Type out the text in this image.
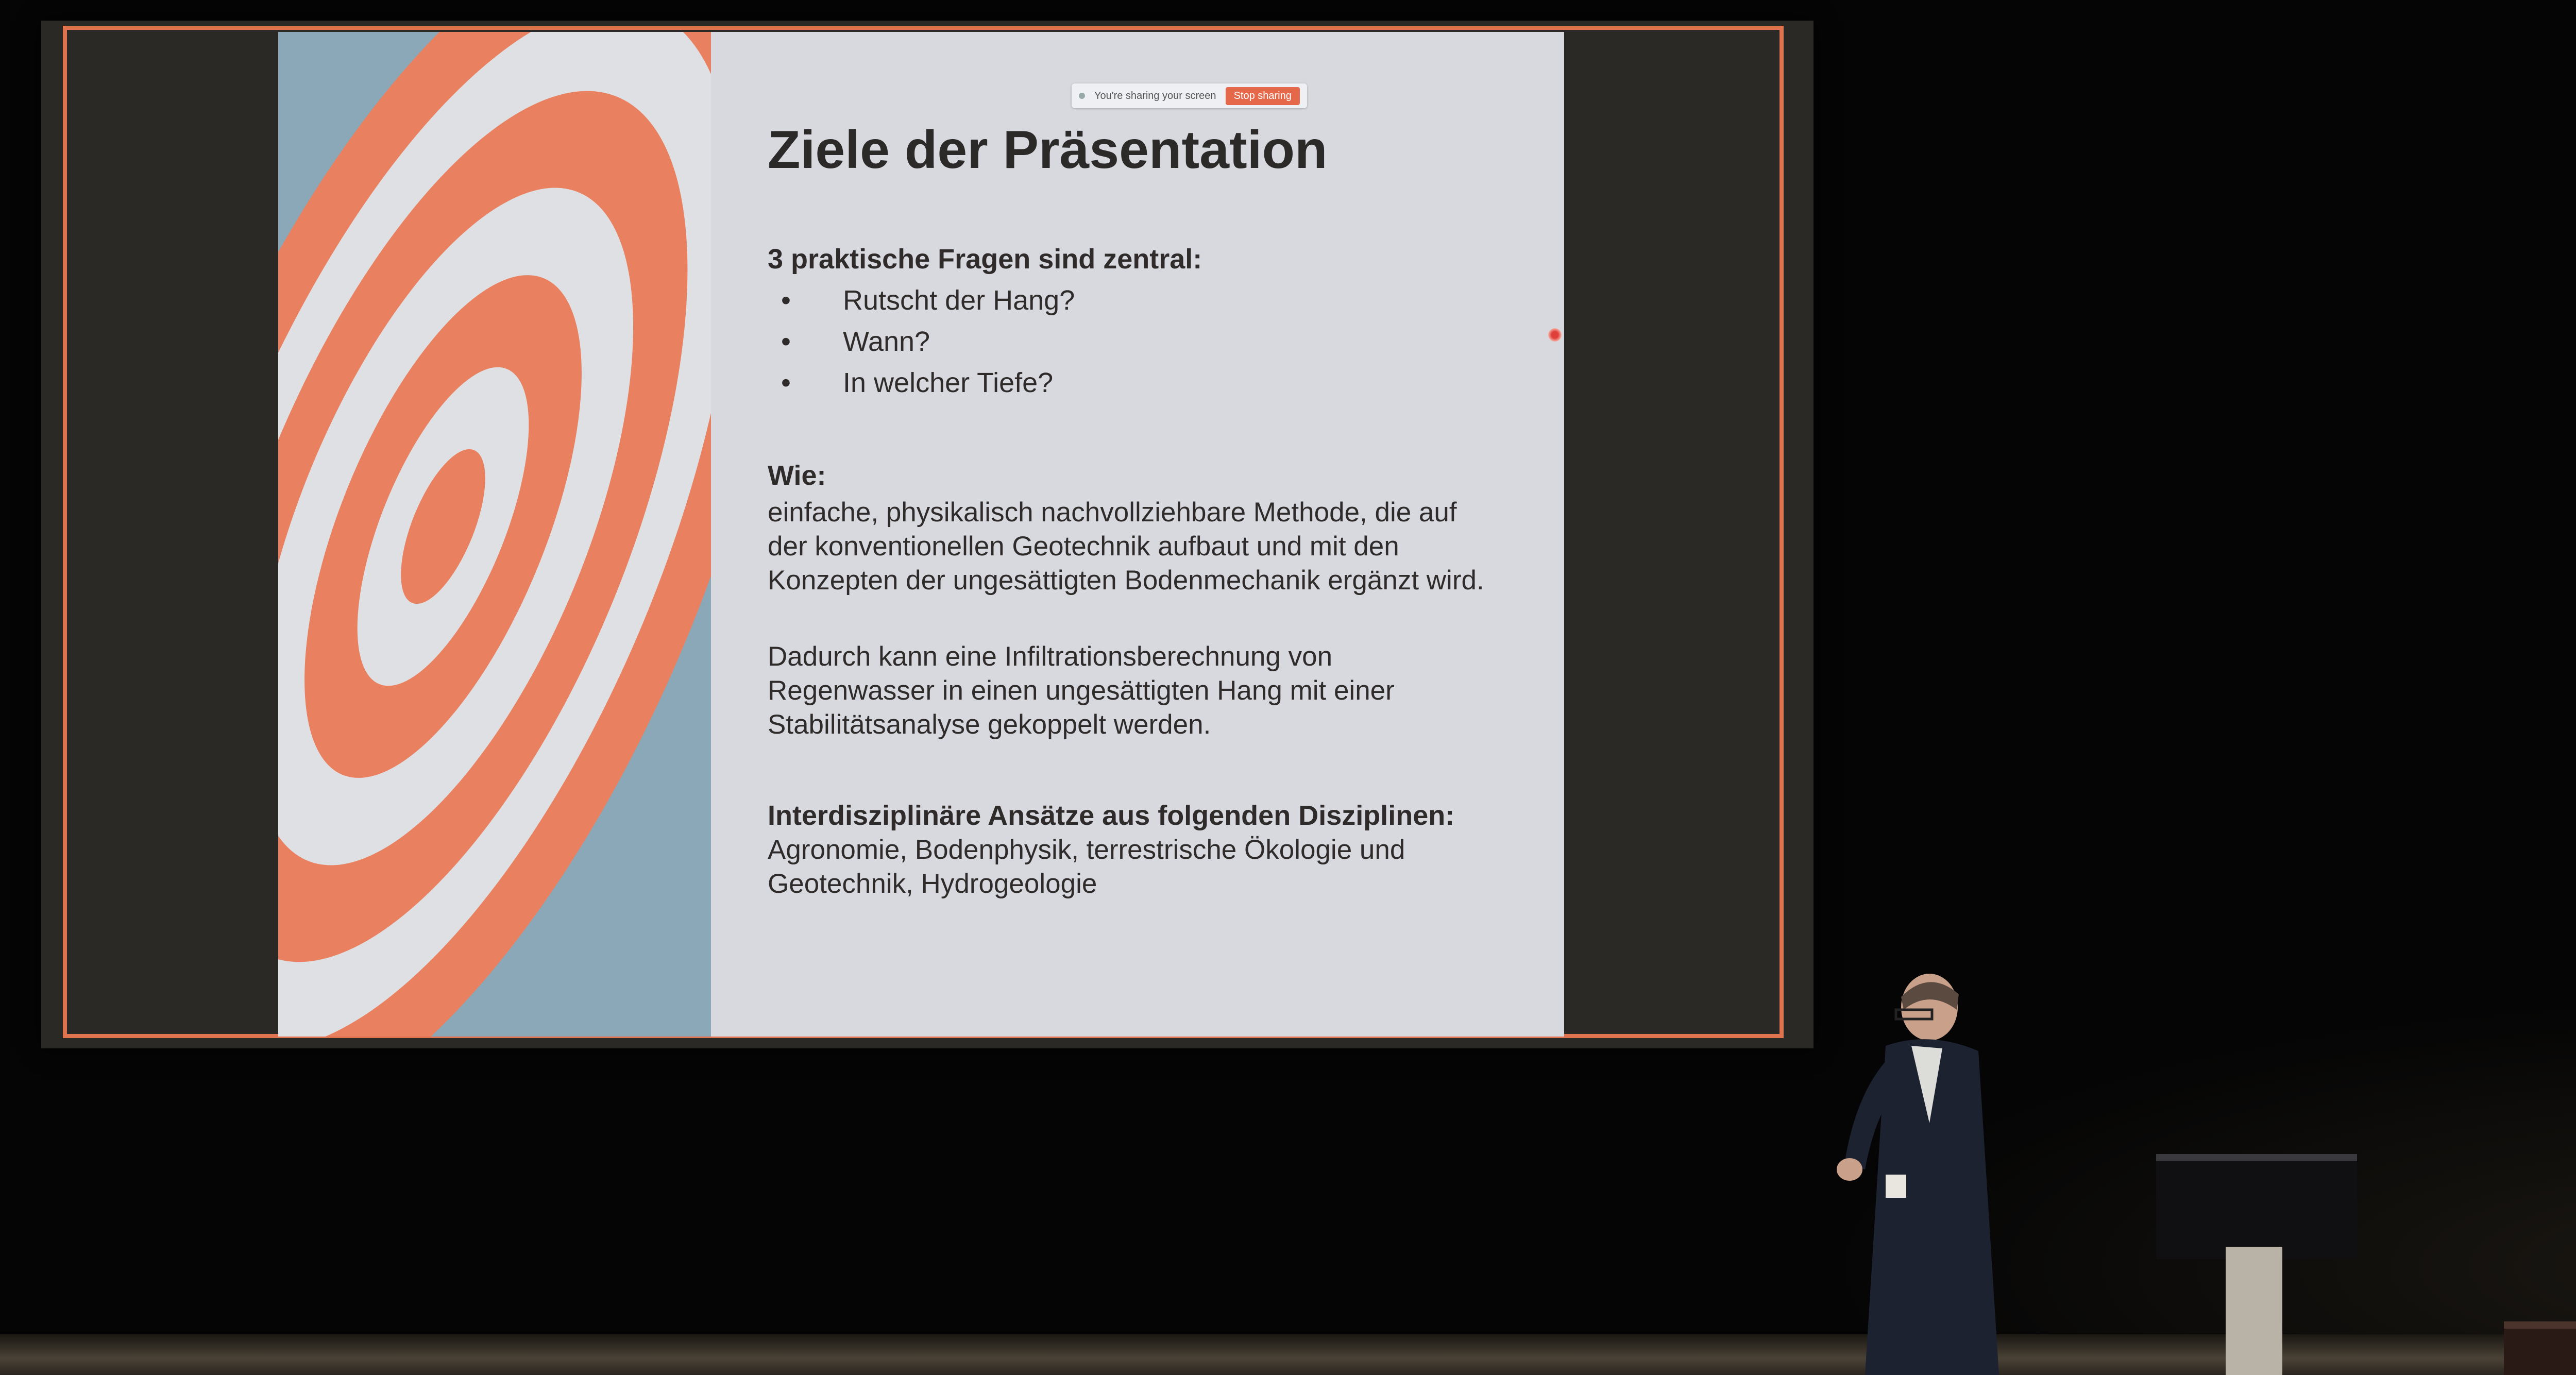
You're sharing your screen	Stop sharing
Ziele der Präsentation
3 praktische Fragen sind zentral:
• Rutscht der Hang?
• Wann?
• In welcher Tiefe?
Wie:
einfache, physikalisch nachvollziehbare Methode, die auf der konventionellen Geotechnik aufbaut und mit den Konzepten der ungesättigten Bodenmechanik ergänzt wird.
Dadurch kann eine Infiltrationsberechnung von Regenwasser in einen ungesättigten Hang mit einer Stabilitätsanalyse gekoppelt werden.
Interdisziplinäre Ansätze aus folgenden Disziplinen:
Agronomie, Bodenphysik, terrestrische Ökologie und Geotechnik, Hydrogeologie
